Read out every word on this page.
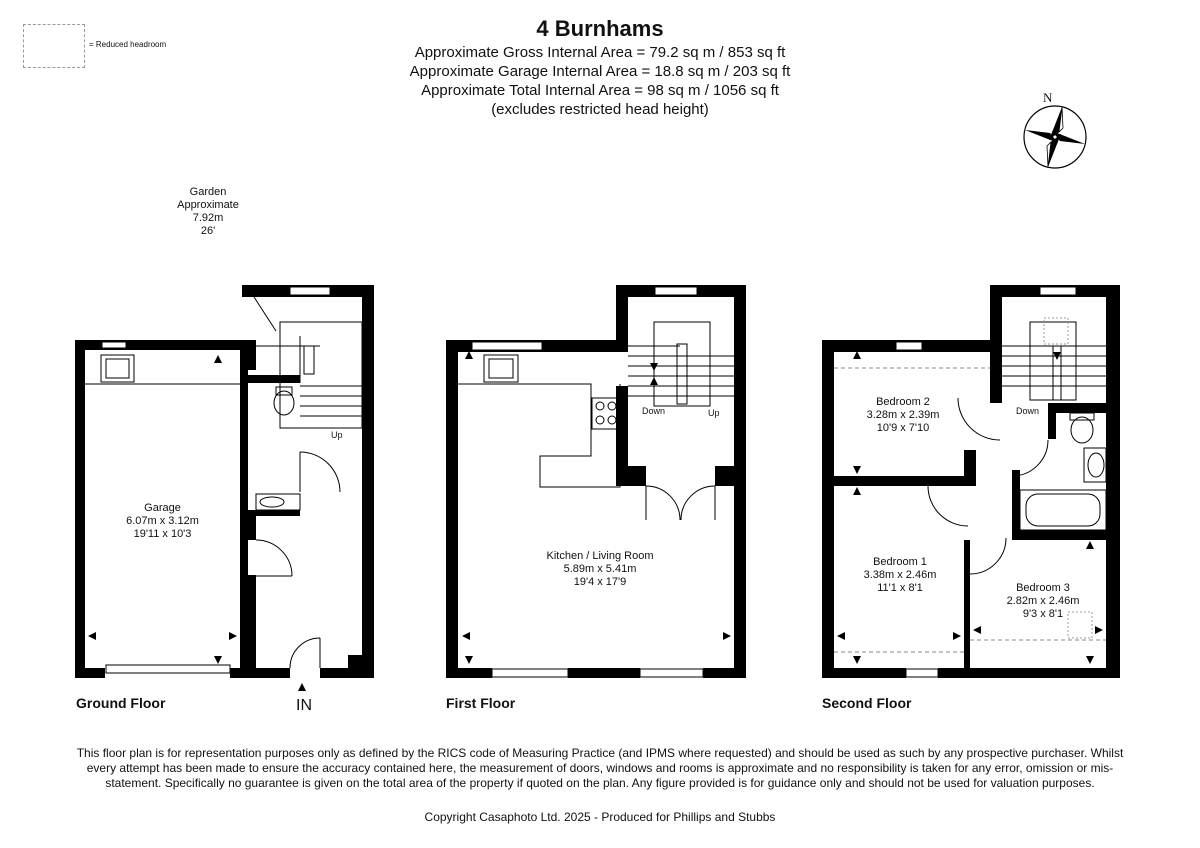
4 Burnhams
Approximate Gross Internal Area = 79.2 sq m / 853 sq ft
Approximate Garage Internal Area = 18.8 sq m / 203 sq ft
Approximate Total Internal Area = 98 sq m / 1056 sq ft
(excludes restricted head height)
= Reduced headroom
N
Garden
Approximate
7.92m
26'
Up
Garage
6.07m x 3.12m
19'11 x 10'3
Ground Floor	IN
Down	Up
Kitchen / Living Room
5.89m x 5.41m
19'4 x 17'9
First Floor
Down
Bedroom 2
3.28m x 2.39m
10'9 x 7'10
Bedroom 1
3.38m x 2.46m
11'1 x 8'1	Bedroom 3
2.82m x 2.46m
9'3 x 8'1
Second Floor
This floor plan is for representation purposes only as defined by the RICS code of Measuring Practice (and IPMS where requested) and should be used as such by any prospective purchaser. Whilst every attempt has been made to ensure the accuracy contained here, the measurement of doors, windows and rooms is approximate and no responsibility is taken for any error, omission or mis-statement. Specifically no guarantee is given on the total area of the property if quoted on the plan. Any figure provided is for guidance only and should not be used for valuation purposes.
Copyright Casaphoto Ltd. 2025 - Produced for Phillips and Stubbs
